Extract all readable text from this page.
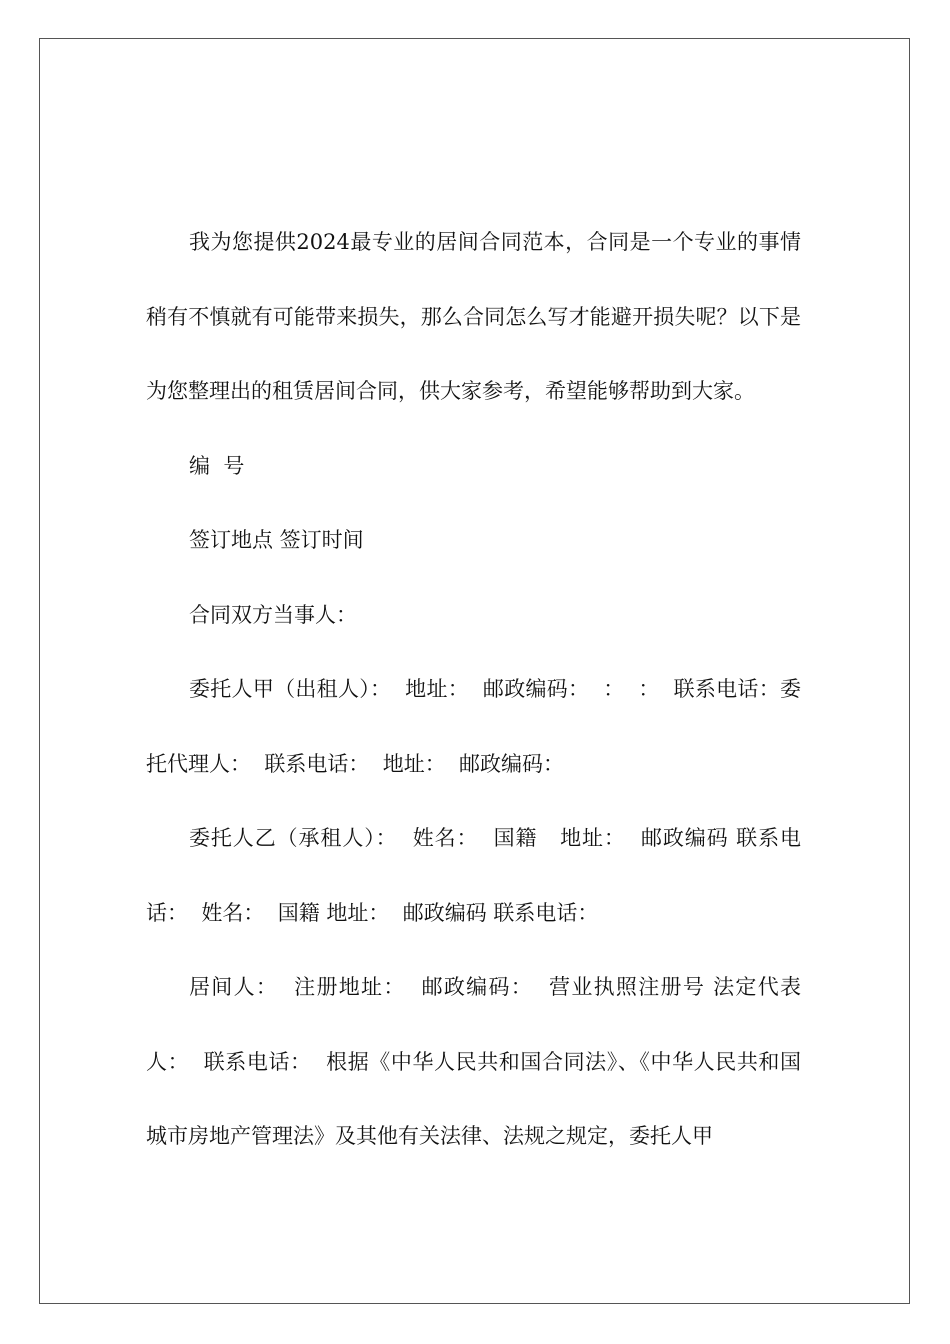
我为您提供2024最专业的居间合同范本，合同是一个专业的事情稍有不慎就有可能带来损失，那么合同怎么写才能避开损失呢？以下是为您整理出的租赁居间合同，供大家参考，希望能够帮助到大家。

编  号

签订地点 签订时间

合同双方当事人：

委托人甲（出租人）：  地址：  邮政编码：  ：  ：  联系电话：委托代理人：  联系电话：  地址：  邮政编码：

委托人乙（承租人）：  姓名：  国籍   地址：  邮政编码 联系电话：  姓名：  国籍 地址：  邮政编码 联系电话：

居间人：  注册地址：  邮政编码：  营业执照注册号 法定代表人：  联系电话：  根据《中华人民共和国合同法》、《中华人民共和国城市房地产管理法》及其他有关法律、法规之规定，委托人甲
